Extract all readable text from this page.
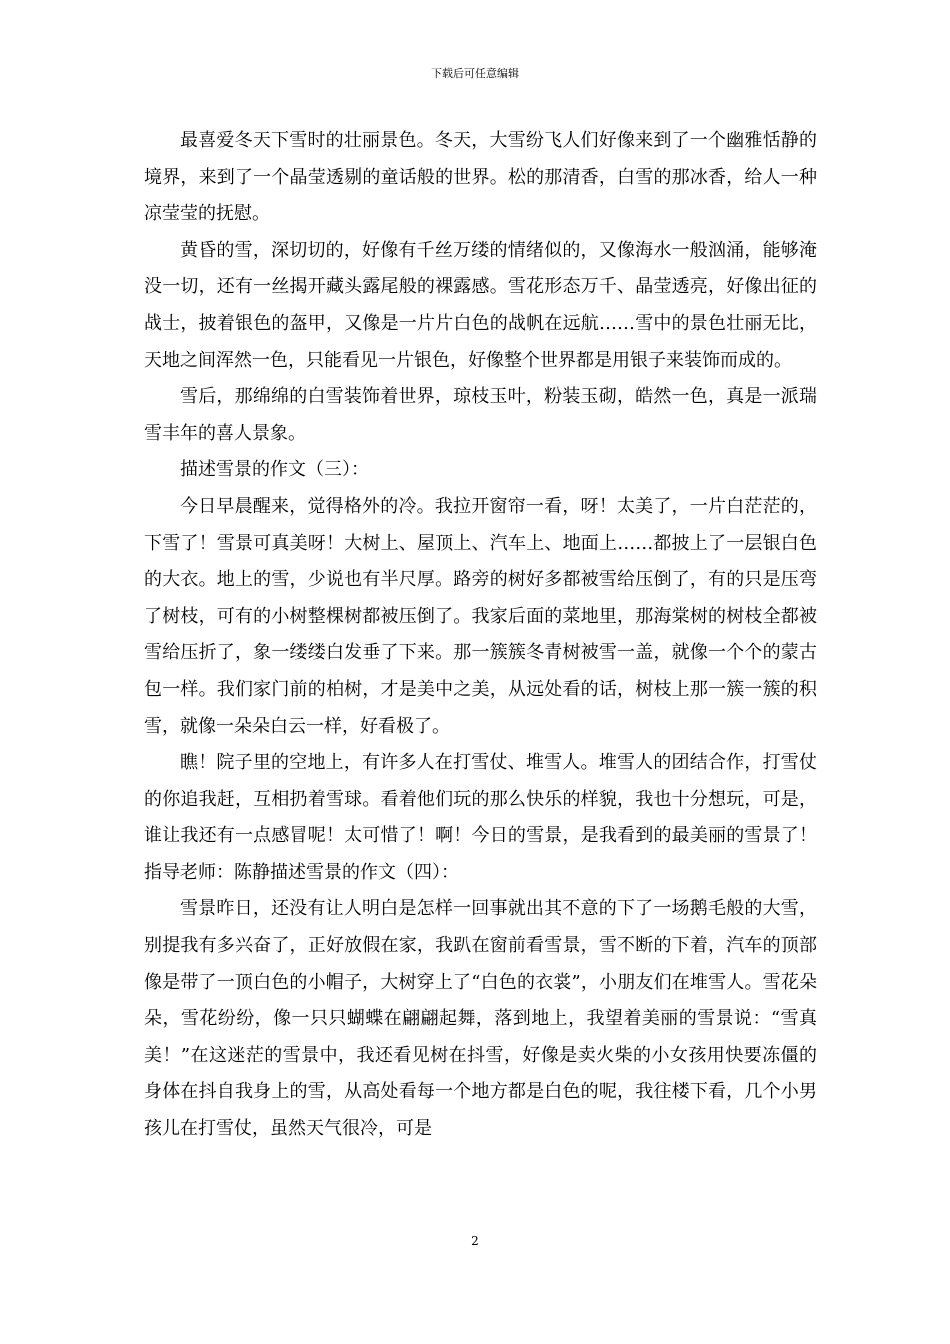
下载后可任意编辑

最喜爱冬天下雪时的壮丽景色。冬天，大雪纷飞人们好像来到了一个幽雅恬静的境界，来到了一个晶莹透剔的童话般的世界。松的那清香，白雪的那冰香，给人一种凉莹莹的抚慰。

黄昏的雪，深切切的，好像有千丝万缕的情绪似的，又像海水一般汹涌，能够淹没一切，还有一丝揭开藏头露尾般的裸露感。雪花形态万千、晶莹透亮，好像出征的战士，披着银色的盔甲，又像是一片片白色的战帆在远航……雪中的景色壮丽无比，天地之间浑然一色，只能看见一片银色，好像整个世界都是用银子来装饰而成的。

雪后，那绵绵的白雪装饰着世界，琼枝玉叶，粉装玉砌，皓然一色，真是一派瑞雪丰年的喜人景象。

描述雪景的作文（三）：

今日早晨醒来，觉得格外的冷。我拉开窗帘一看，呀！太美了，一片白茫茫的，下雪了！雪景可真美呀！大树上、屋顶上、汽车上、地面上……都披上了一层银白色的大衣。地上的雪，少说也有半尺厚。路旁的树好多都被雪给压倒了，有的只是压弯了树枝，可有的小树整棵树都被压倒了。我家后面的菜地里，那海棠树的树枝全都被雪给压折了，象一缕缕白发垂了下来。那一簇簇冬青树被雪一盖，就像一个个的蒙古包一样。我们家门前的柏树，才是美中之美，从远处看的话，树枝上那一簇一簇的积雪，就像一朵朵白云一样，好看极了。

瞧！院子里的空地上，有许多人在打雪仗、堆雪人。堆雪人的团结合作，打雪仗的你追我赶，互相扔着雪球。看着他们玩的那么快乐的样貌，我也十分想玩，可是，谁让我还有一点感冒呢！太可惜了！啊！今日的雪景，是我看到的最美丽的雪景了！指导老师：陈静描述雪景的作文（四）：

雪景昨日，还没有让人明白是怎样一回事就出其不意的下了一场鹅毛般的大雪，别提我有多兴奋了，正好放假在家，我趴在窗前看雪景，雪不断的下着，汽车的顶部像是带了一顶白色的小帽子，大树穿上了“白色的衣裳”，小朋友们在堆雪人。雪花朵朵，雪花纷纷，像一只只蝴蝶在翩翩起舞，落到地上，我望着美丽的雪景说：“雪真美！”在这迷茫的雪景中，我还看见树在抖雪，好像是卖火柴的小女孩用快要冻僵的身体在抖自我身上的雪，从高处看每一个地方都是白色的呢，我往楼下看，几个小男孩儿在打雪仗，虽然天气很冷，可是

2
